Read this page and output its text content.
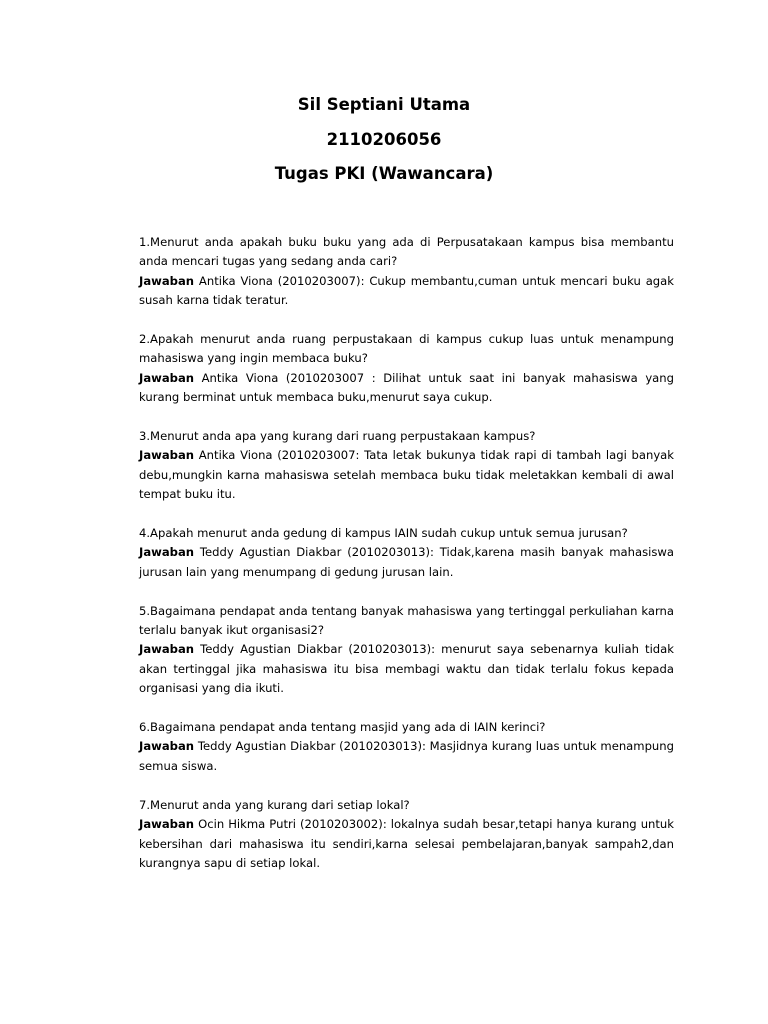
Sil Septiani Utama
2110206056
Tugas PKI (Wawancara)

1.Menurut anda apakah buku buku yang ada di Perpusatakaan kampus bisa membantu anda mencari tugas yang sedang anda cari?

Jawaban Antika Viona (2010203007): Cukup membantu,cuman untuk mencari buku agak susah karna tidak teratur.

2.Apakah menurut anda ruang perpustakaan di kampus cukup luas untuk menampung mahasiswa yang ingin membaca buku?

Jawaban Antika Viona (2010203007 : Dilihat untuk saat ini banyak mahasiswa yang kurang berminat untuk membaca buku,menurut saya cukup.

3.Menurut anda apa yang kurang dari ruang perpustakaan kampus?

Jawaban Antika Viona (2010203007: Tata letak bukunya tidak rapi di tambah lagi banyak debu,mungkin karna mahasiswa setelah membaca buku tidak meletakkan kembali di awal tempat buku itu.

4.Apakah menurut anda gedung di kampus IAIN sudah cukup untuk semua jurusan?

Jawaban Teddy Agustian Diakbar (2010203013): Tidak,karena masih banyak mahasiswa jurusan lain yang menumpang di gedung jurusan lain.

5.Bagaimana pendapat anda tentang banyak mahasiswa yang tertinggal perkuliahan karna terlalu banyak ikut organisasi2?

Jawaban Teddy Agustian Diakbar (2010203013): menurut saya sebenarnya kuliah tidak akan tertinggal jika mahasiswa itu bisa membagi waktu dan tidak terlalu fokus kepada organisasi yang dia ikuti.

6.Bagaimana pendapat anda tentang masjid yang ada di IAIN kerinci?

Jawaban Teddy Agustian Diakbar (2010203013): Masjidnya kurang luas untuk menampung semua siswa.

7.Menurut anda yang kurang dari setiap lokal?

Jawaban Ocin Hikma Putri (2010203002): lokalnya sudah besar,tetapi hanya kurang untuk kebersihan dari mahasiswa itu sendiri,karna selesai pembelajaran,banyak sampah2,dan kurangnya sapu di setiap lokal.
